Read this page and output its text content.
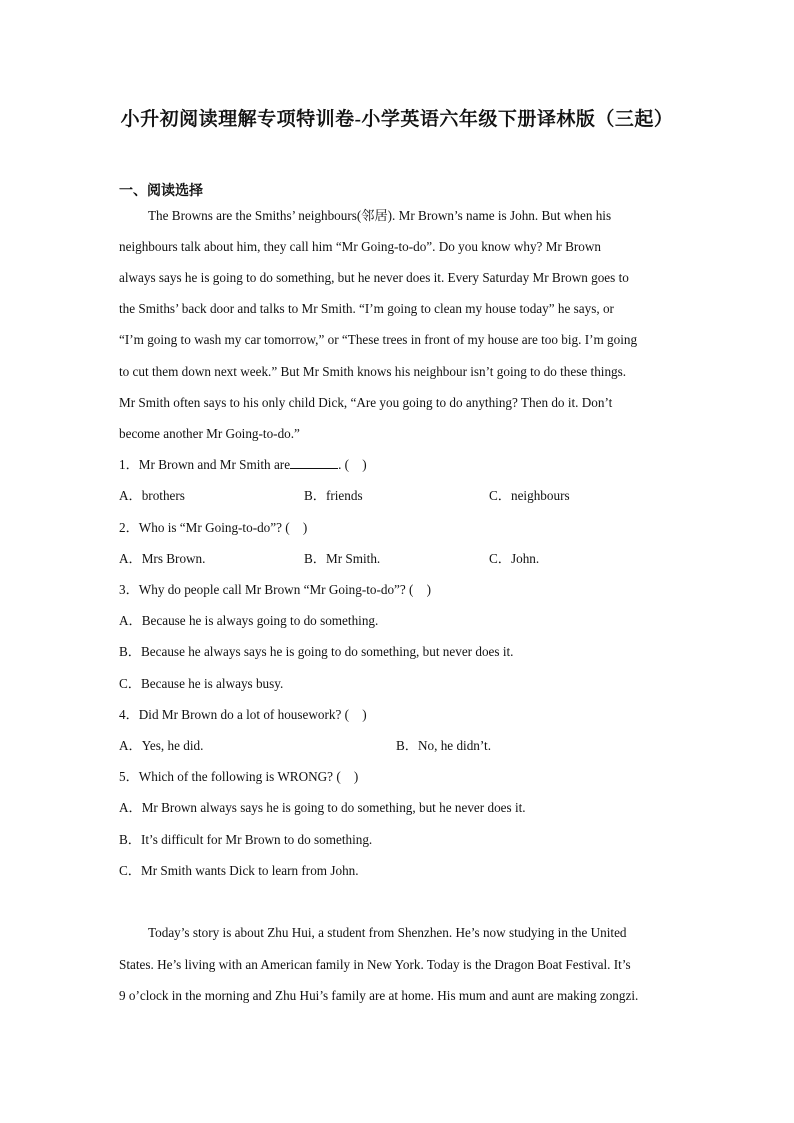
小升初阅读理解专项特训卷-小学英语六年级下册译林版（三起）
一、阅读选择
The Browns are the Smiths’ neighbours(邻居). Mr Brown’s name is John. But when his
neighbours talk about him, they call him “Mr Going-to-do”. Do you know why? Mr Brown
always says he is going to do something, but he never does it. Every Saturday Mr Brown goes to
the Smiths’ back door and talks to Mr Smith. “I’m going to clean my house today” he says, or
“I’m going to wash my car tomorrow,” or “These trees in front of my house are too big. I’m going
to cut them down next week.” But Mr Smith knows his neighbour isn’t going to do these things.
Mr Smith often says to his only child Dick, “Are you going to do anything? Then do it. Don’t
become another Mr Going-to-do.”
1．Mr Brown and Mr Smith are	. (　)
A．brothers	B．friends	C．neighbours
2．Who is “Mr Going-to-do”? (　)
A．Mrs Brown.	B．Mr Smith.	C．John.
3．Why do people call Mr Brown “Mr Going-to-do”? (　)
A．Because he is always going to do something.
B．Because he always says he is going to do something, but never does it.
C．Because he is always busy.
4．Did Mr Brown do a lot of housework? (　)
A．Yes, he did.	B．No, he didn’t.
5．Which of the following is WRONG? (　)
A．Mr Brown always says he is going to do something, but he never does it.
B．It’s difficult for Mr Brown to do something.
C．Mr Smith wants Dick to learn from John.
Today’s story is about Zhu Hui, a student from Shenzhen. He’s now studying in the United
States. He’s living with an American family in New York. Today is the Dragon Boat Festival. It’s
9 o’clock in the morning and Zhu Hui’s family are at home. His mum and aunt are making zongzi.
